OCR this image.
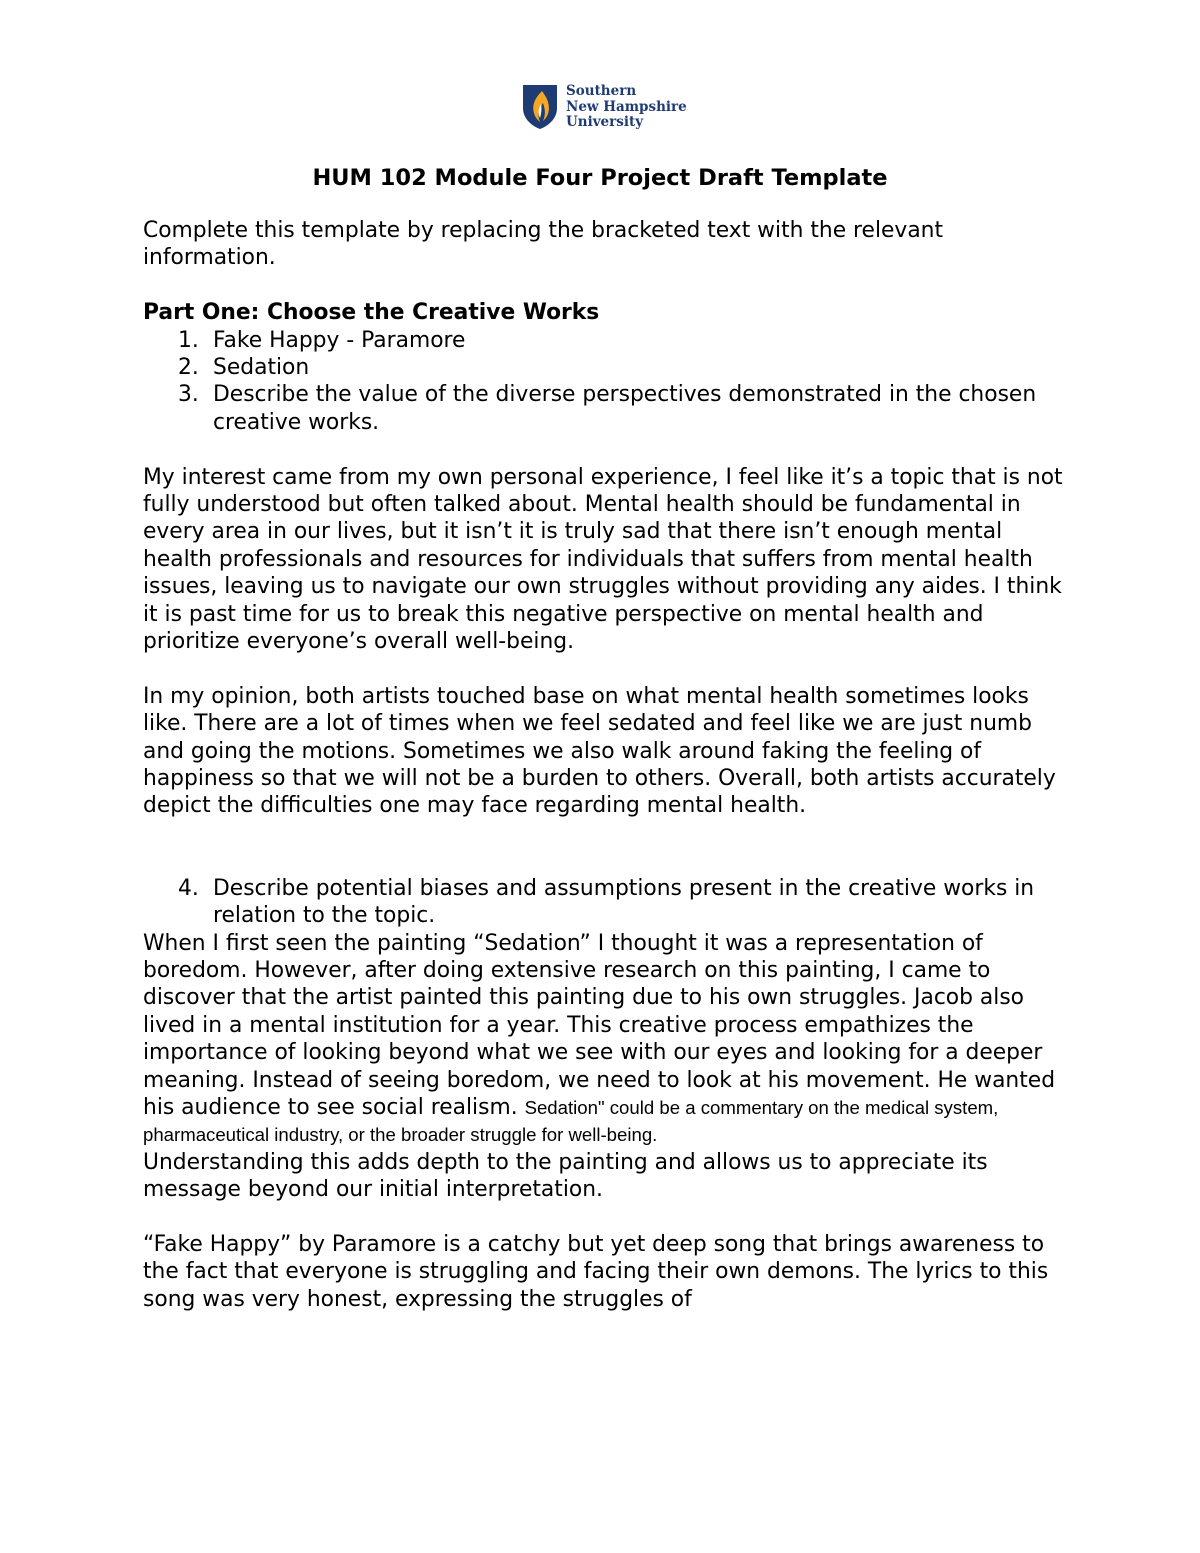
Southern
New Hampshire
University
HUM 102 Module Four Project Draft Template

Complete this template by replacing the bracketed text with the relevant information.

Part One: Choose the Creative Works

1. Fake Happy - Paramore
2. Sedation
3. Describe the value of the diverse perspectives demonstrated in the chosen creative works.

My interest came from my own personal experience, I feel like it’s a topic that is not fully understood but often talked about. Mental health should be fundamental in every area in our lives, but it isn’t it is truly sad that there isn’t enough mental health professionals and resources for individuals that suffers from mental health issues, leaving us to navigate our own struggles without providing any aides. I think it is past time for us to break this negative perspective on mental health and prioritize everyone’s overall well-being.

In my opinion, both artists touched base on what mental health sometimes looks like. There are a lot of times when we feel sedated and feel like we are just numb and going the motions. Sometimes we also walk around faking the feeling of happiness so that we will not be a burden to others. Overall, both artists accurately depict the difficulties one may face regarding mental health.

4. Describe potential biases and assumptions present in the creative works in relation to the topic.

When I first seen the painting “Sedation” I thought it was a representation of boredom. However, after doing extensive research on this painting, I came to discover that the artist painted this painting due to his own struggles. Jacob also lived in a mental institution for a year. This creative process empathizes the importance of looking beyond what we see with our eyes and looking for a deeper meaning. Instead of seeing boredom, we need to look at his movement. He wanted his audience to see social realism. Sedation" could be a commentary on the medical system, pharmaceutical industry, or the broader struggle for well-being.

Understanding this adds depth to the painting and allows us to appreciate its message beyond our initial interpretation.

“Fake Happy” by Paramore is a catchy but yet deep song that brings awareness to the fact that everyone is struggling and facing their own demons. The lyrics to this song was very honest, expressing the struggles of
